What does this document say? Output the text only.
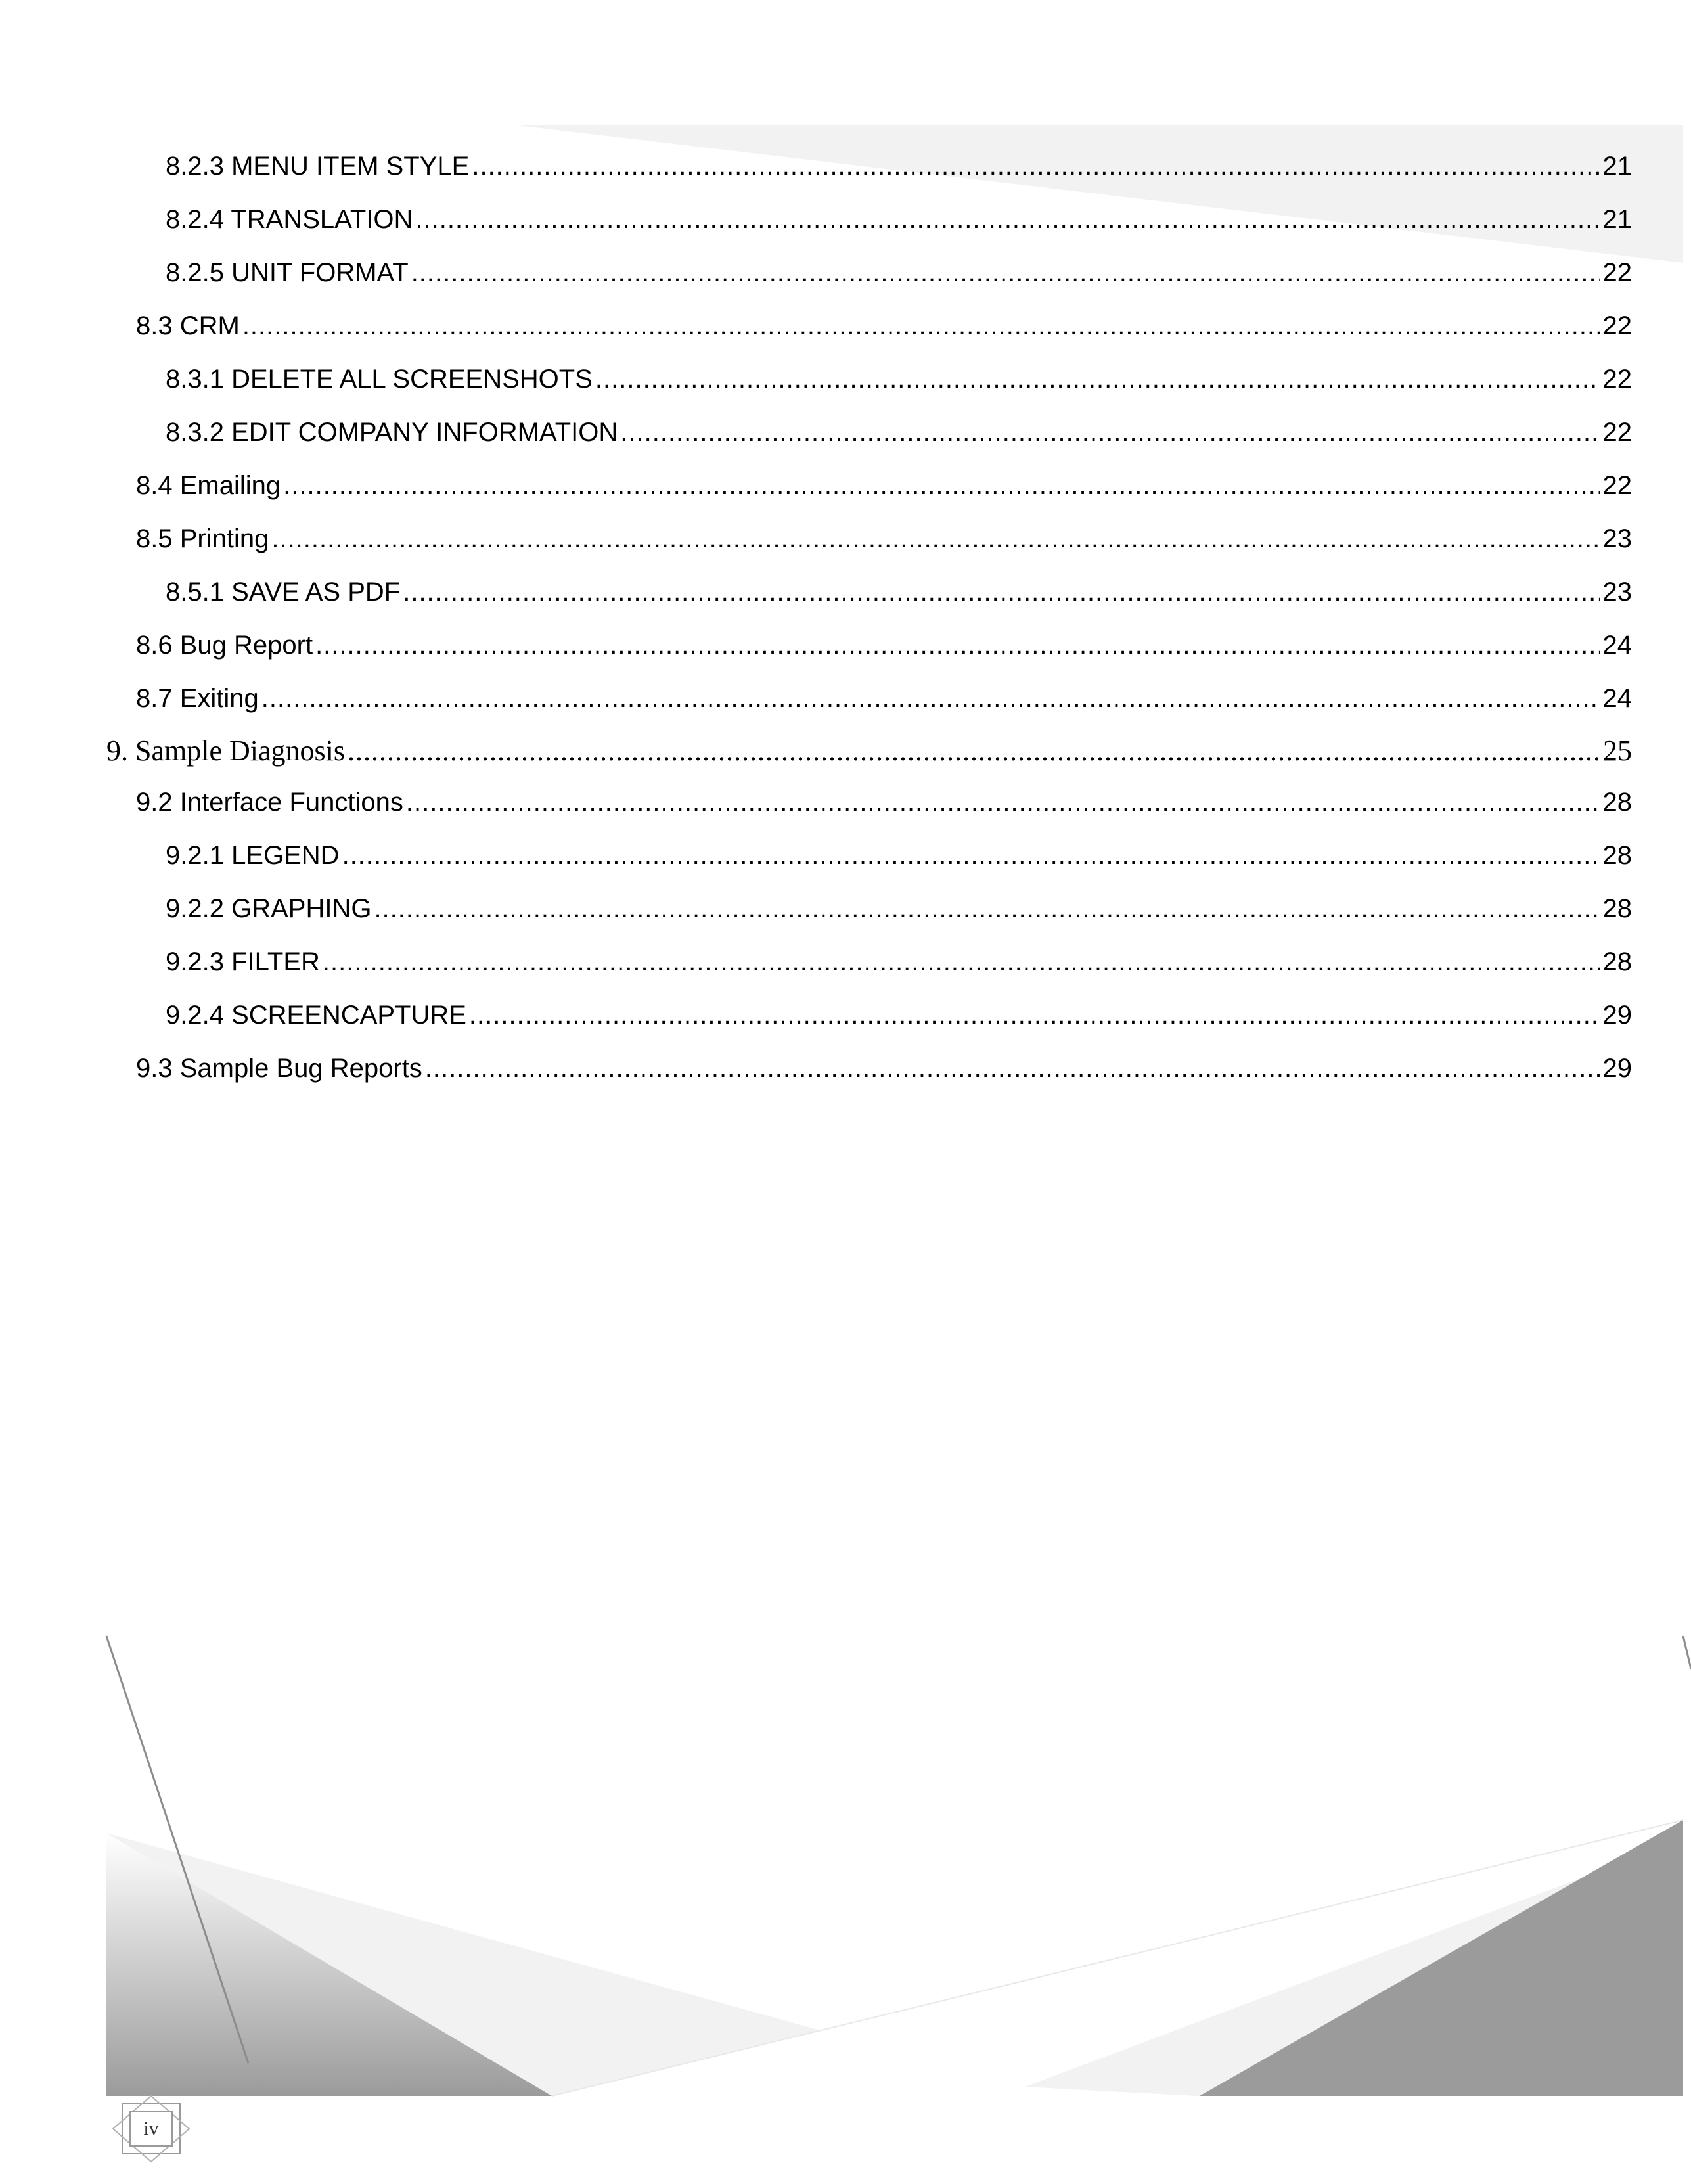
8.2.3 MENU ITEM STYLE .....	21
8.2.4 TRANSLATION .....	21
8.2.5 UNIT FORMAT .....	22
8.3 CRM .....	22
8.3.1 DELETE ALL SCREENSHOTS .....	22
8.3.2 EDIT COMPANY INFORMATION .....	22
8.4 Emailing .....	22
8.5 Printing .....	23
8.5.1 SAVE AS PDF .....	23
8.6 Bug Report .....	24
8.7 Exiting .....	24
9. Sample Diagnosis .....	25
9.2 Interface Functions .....	28
9.2.1 LEGEND .....	28
9.2.2 GRAPHING .....	28
9.2.3 FILTER .....	28
9.2.4 SCREENCAPTURE .....	29
9.3 Sample Bug Reports .....	29
iv
